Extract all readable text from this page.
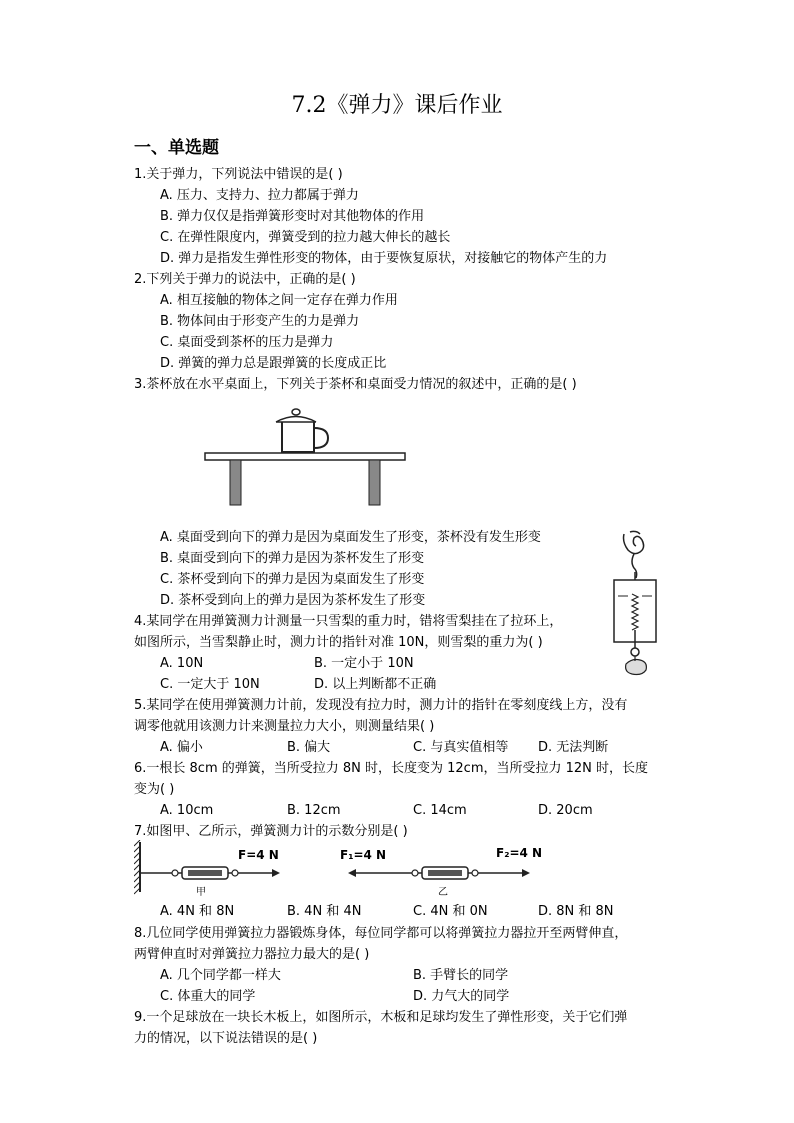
7.2《弹力》课后作业
一、单选题
1.关于弹力，下列说法中错误的是( )
A. 压力、支持力、拉力都属于弹力
B. 弹力仅仅是指弹簧形变时对其他物体的作用
C. 在弹性限度内，弹簧受到的拉力越大伸长的越长
D. 弹力是指发生弹性形变的物体，由于要恢复原状，对接触它的物体产生的力
2.下列关于弹力的说法中，正确的是( )
A. 相互接触的物体之间一定存在弹力作用
B. 物体间由于形变产生的力是弹力
C. 桌面受到茶杯的压力是弹力
D. 弹簧的弹力总是跟弹簧的长度成正比
3.茶杯放在水平桌面上，下列关于茶杯和桌面受力情况的叙述中，正确的是( )
A. 桌面受到向下的弹力是因为桌面发生了形变，茶杯没有发生形变
B. 桌面受到向下的弹力是因为茶杯发生了形变
C. 茶杯受到向下的弹力是因为桌面发生了形变
D. 茶杯受到向上的弹力是因为茶杯发生了形变
4.某同学在用弹簧测力计测量一只雪梨的重力时，错将雪梨挂在了拉环上，
如图所示，当雪梨静止时，测力计的指针对准 10N，则雪梨的重力为( )
A. 10N	B. 一定小于 10N
C. 一定大于 10N	D. 以上判断都不正确
5.某同学在使用弹簧测力计前，发现没有拉力时，测力计的指针在零刻度线上方，没有
调零他就用该测力计来测量拉力大小，则测量结果( )
A. 偏小	B. 偏大	C. 与真实值相等 D. 无法判断
6.一根长 8cm 的弹簧，当所受拉力 8N 时，长度变为 12cm，当所受拉力 12N 时，长度
变为( )
A. 10cm	B. 12cm	C. 14cm	D. 20cm
7.如图甲、乙所示，弹簧测力计的示数分别是( )
F=4 N
甲
F₁=4 N	F₂=4 N
乙
A. 4N 和 8N	B. 4N 和 4N	C. 4N 和 0N	D. 8N 和 8N
8.几位同学使用弹簧拉力器锻炼身体，每位同学都可以将弹簧拉力器拉开至两臂伸直，
两臂伸直时对弹簧拉力器拉力最大的是( )
A. 几个同学都一样大	B. 手臂长的同学
C. 体重大的同学	D. 力气大的同学
9.一个足球放在一块长木板上，如图所示，木板和足球均发生了弹性形变，关于它们弹
力的情况，以下说法错误的是( )
